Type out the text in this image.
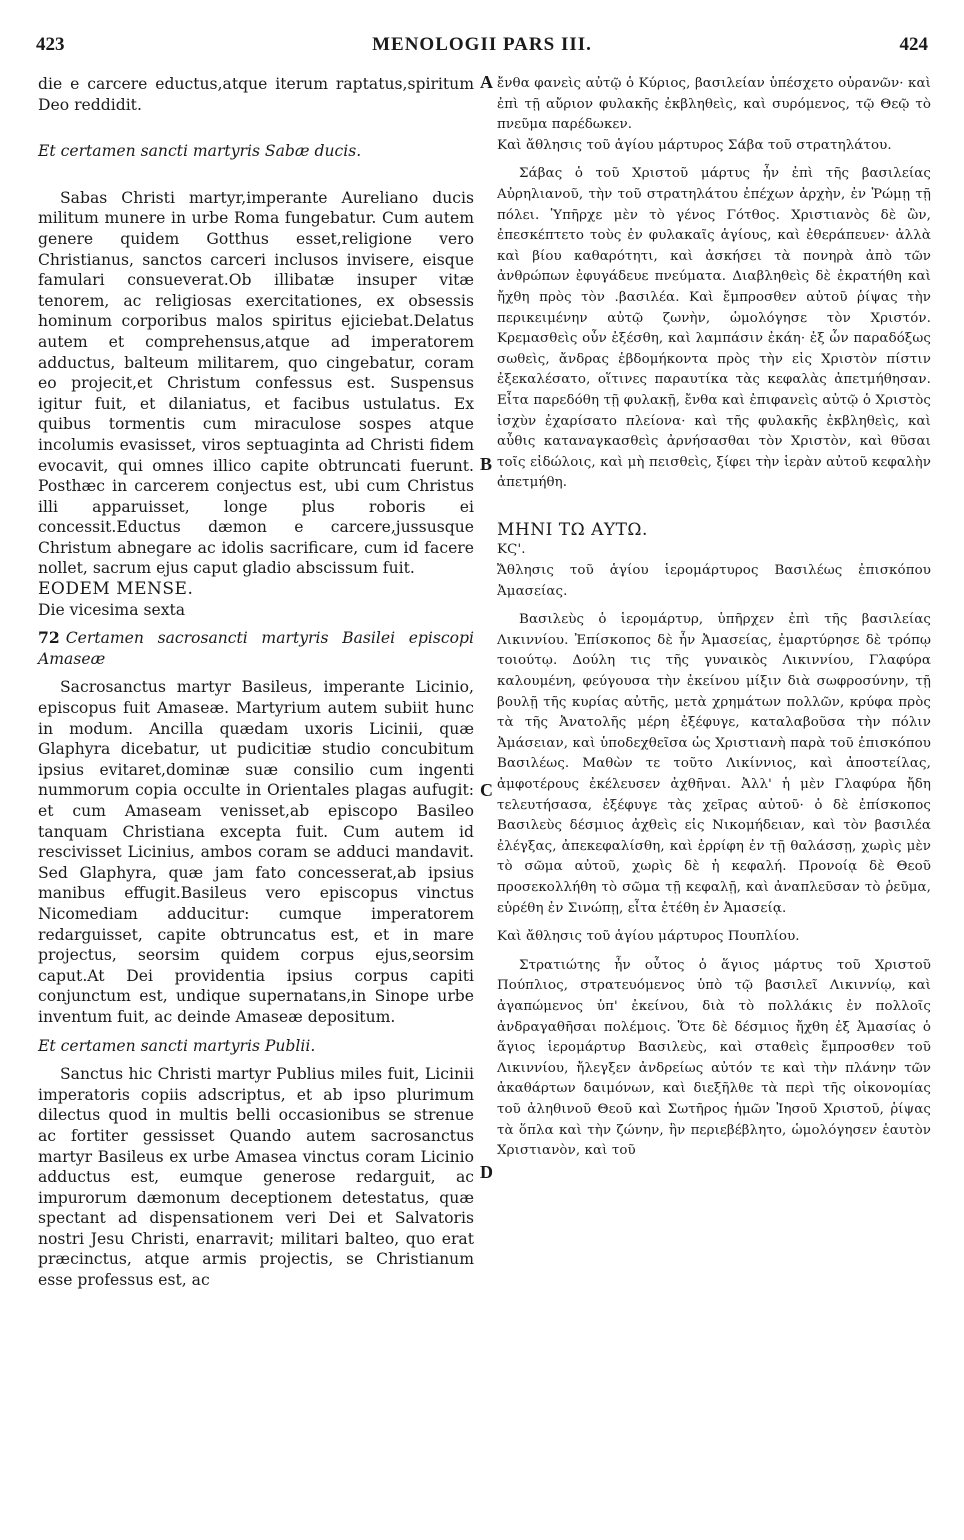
423	MENOLOGII PARS III.	424
A
B
C
D

die e carcere eductus,atque iterum raptatus,spiritum Deo reddidit.

Et certamen sancti martyris Sabæ ducis.

Sabas Christi martyr,imperante Aureliano ducis militum munere in urbe Roma fungebatur. Cum autem genere quidem Gotthus esset,religione vero Christianus, sanctos carceri inclusos invisere, eisque famulari consueverat.Ob illibatæ insuper vitæ tenorem, ac religiosas exercitationes, ex obsessis hominum corporibus malos spiritus ejiciebat.Delatus autem et comprehensus,atque ad imperatorem adductus, balteum militarem, quo cingebatur, coram eo projecit,et Christum confessus est. Suspensus igitur fuit, et dilaniatus, et facibus ustulatus. Ex quibus tormentis cum miraculose sospes atque incolumis evasisset, viros septuaginta ad Christi fidem evocavit, qui omnes illico capite obtruncati fuerunt. Posthæc in carcerem conjectus est, ubi cum Christus illi apparuisset, longe plus roboris ei concessit.Eductus dæmon e carcere,jussusque Christum abnegare ac idolis sacrificare, cum id facere nollet, sacrum ejus caput gladio abscissum fuit.

EODEM MENSE.

Die vicesima sexta

72 Certamen sacrosancti martyris Basilei episcopi Amaseæ

Sacrosanctus martyr Basileus, imperante Licinio, episcopus fuit Amaseæ. Martyrium autem subiit hunc in modum. Ancilla quædam uxoris Licinii, quæ Glaphyra dicebatur, ut pudicitiæ studio concubitum ipsius evitaret,dominæ suæ consilio cum ingenti nummorum copia occulte in Orientales plagas aufugit: et cum Amaseam venisset,ab episcopo Basileo tanquam Christiana excepta fuit. Cum autem id rescivisset Licinius, ambos coram se adduci mandavit. Sed Glaphyra, quæ jam fato concesserat,ab ipsius manibus effugit.Basileus vero episcopus vinctus Nicomediam adducitur: cumque imperatorem redarguisset, capite obtruncatus est, et in mare projectus, seorsim quidem corpus ejus,seorsim caput.At Dei providentia ipsius corpus capiti conjunctum est, undique supernatans,in Sinope urbe inventum fuit, ac deinde Amaseæ depositum.

Et certamen sancti martyris Publii.

Sanctus hic Christi martyr Publius miles fuit, Licinii imperatoris copiis adscriptus, et ab ipso plurimum dilectus quod in multis belli occasionibus se strenue ac fortiter gessisset Quando autem sacrosanctus martyr Basileus ex urbe Amasea vinctus coram Licinio adductus est, eumque generose redarguit, ac impurorum dæmonum deceptionem detestatus, quæ spectant ad dispensationem veri Dei et Salvatoris nostri Jesu Christi, enarravit; militari balteo, quo erat præcinctus, atque armis projectis, se Christianum esse professus est, ac

ἔνθα φανεὶς αὐτῷ ὁ Κύριος, βασιλείαν ὑπέσχετο οὐρανῶν· καὶ ἐπὶ τῇ αὔριον φυλακῆς ἐκβληθεὶς, καὶ συρόμενος, τῷ Θεῷ τὸ πνεῦμα παρέδωκεν.

Καὶ ἄθλησις τοῦ ἁγίου μάρτυρος Σάβα τοῦ στρατηλάτου.

Σάβας ὁ τοῦ Χριστοῦ μάρτυς ἦν ἐπὶ τῆς βασιλείας Αὐρηλιανοῦ, τὴν τοῦ στρατηλάτου ἐπέχων ἀρχὴν, ἐν Ῥώμῃ τῇ πόλει. Ὑπῆρχε μὲν τὸ γένος Γότθος. Χριστιανὸς δὲ ὢν, ἐπεσκέπτετο τοὺς ἐν φυλακαῖς ἁγίους, καὶ ἐθεράπευεν· ἀλλὰ καὶ βίου καθαρότητι, καὶ ἀσκήσει τὰ πονηρὰ ἀπὸ τῶν ἀνθρώπων ἐφυγάδευε πνεύματα. Διαβληθεὶς δὲ ἐκρατήθη καὶ ἤχθη πρὸς τὸν .βασιλέα. Καὶ ἔμπροσθεν αὐτοῦ ῥίψας τὴν περικειμένην αὐτῷ ζωνὴν, ὡμολόγησε τὸν Χριστόν. Κρεμασθεὶς οὖν ἐξέσθη, καὶ λαμπάσιν ἐκάη· ἐξ ὧν παραδόξως σωθεὶς, ἄνδρας ἑβδομήκοντα πρὸς τὴν εἰς Χριστὸν πίστιν ἐξεκαλέσατο, οἵτινες παραυτίκα τὰς κεφαλὰς ἀπετμήθησαν. Εἶτα παρεδόθη τῇ φυλακῇ, ἔνθα καὶ ἐπιφανεὶς αὐτῷ ὁ Χριστὸς ἰσχὺν ἐχαρίσατο πλείονα· καὶ τῆς φυλακῆς ἐκβληθεὶς, καὶ αὖθις καταναγκασθεὶς ἀρνήσασθαι τὸν Χριστὸν, καὶ θῦσαι τοῖς εἰδώλοις, καὶ μὴ πεισθεὶς, ξίφει τὴν ἱερὰν αὐτοῦ κεφαλὴν ἀπετμήθη.

ΜΗΝΙ ΤΩ ΑΥΤΩ.

ΚϚ'.

Ἄθλησις τοῦ ἁγίου ἱερομάρτυρος Βασιλέως ἐπισκόπου Ἀμασείας.

Βασιλεὺς ὁ ἱερομάρτυρ, ὑπῆρχεν ἐπὶ τῆς βασιλείας Λικιννίου. Ἐπίσκοπος δὲ ἦν Ἀμασείας, ἐμαρτύρησε δὲ τρόπῳ τοιούτῳ. Δούλη τις τῆς γυναικὸς Λικιννίου, Γλαφύρα καλουμένη, φεύγουσα τὴν ἐκείνου μίξιν διὰ σωφροσύνην, τῇ βουλῇ τῆς κυρίας αὐτῆς, μετὰ χρημάτων πολλῶν, κρύφα πρὸς τὰ τῆς Ἀνατολῆς μέρη ἐξέφυγε, καταλαβοῦσα τὴν πόλιν Ἀμάσειαν, καὶ ὑποδεχθεῖσα ὡς Χριστιανὴ παρὰ τοῦ ἐπισκόπου Βασιλέως. Μαθὼν τε τοῦτο Λικίννιος, καὶ ἀποστείλας, ἀμφοτέρους ἐκέλευσεν ἀχθῆναι. Ἀλλ' ἡ μὲν Γλαφύρα ἤδη τελευτήσασα, ἐξέφυγε τὰς χεῖρας αὐτοῦ· ὁ δὲ ἐπίσκοπος Βασιλεὺς δέσμιος ἀχθεὶς εἰς Νικομήδειαν, καὶ τὸν βασιλέα ἐλέγξας, ἀπεκεφαλίσθη, καὶ ἐρρίφη ἐν τῇ θαλάσσῃ, χωρὶς μὲν τὸ σῶμα αὐτοῦ, χωρὶς δὲ ἡ κεφαλή. Προνοίᾳ δὲ Θεοῦ προσεκολλήθη τὸ σῶμα τῇ κεφαλῇ, καὶ ἀναπλεῦσαν τὸ ῥεῦμα, εὑρέθη ἐν Σινώπῃ, εἶτα ἐτέθη ἐν Ἀμασείᾳ.

Καὶ ἄθλησις τοῦ ἁγίου μάρτυρος Πουπλίου.

Στρατιώτης ἦν οὗτος ὁ ἅγιος μάρτυς τοῦ Χριστοῦ Πούπλιος, στρατευόμενος ὑπὸ τῷ βασιλεῖ Λικιννίῳ, καὶ ἀγαπώμενος ὑπ' ἐκείνου, διὰ τὸ πολλάκις ἐν πολλοῖς ἀνδραγαθῆσαι πολέμοις. Ὅτε δὲ δέσμιος ἤχθη ἐξ Ἀμασίας ὁ ἅγιος ἱερομάρτυρ Βασιλεὺς, καὶ σταθεὶς ἔμπροσθεν τοῦ Λικιννίου, ἤλεγξεν ἀνδρείως αὐτόν τε καὶ τὴν πλάνην τῶν ἀκαθάρτων δαιμόνων, καὶ διεξῆλθε τὰ περὶ τῆς οἰκονομίας τοῦ ἀληθινοῦ Θεοῦ καὶ Σωτῆρος ἡμῶν Ἰησοῦ Χριστοῦ, ῥίψας τὰ ὅπλα καὶ τὴν ζώνην, ἣν περιεβέβλητο, ὡμολόγησεν ἑαυτὸν Χριστιανὸν, καὶ τοῦ
